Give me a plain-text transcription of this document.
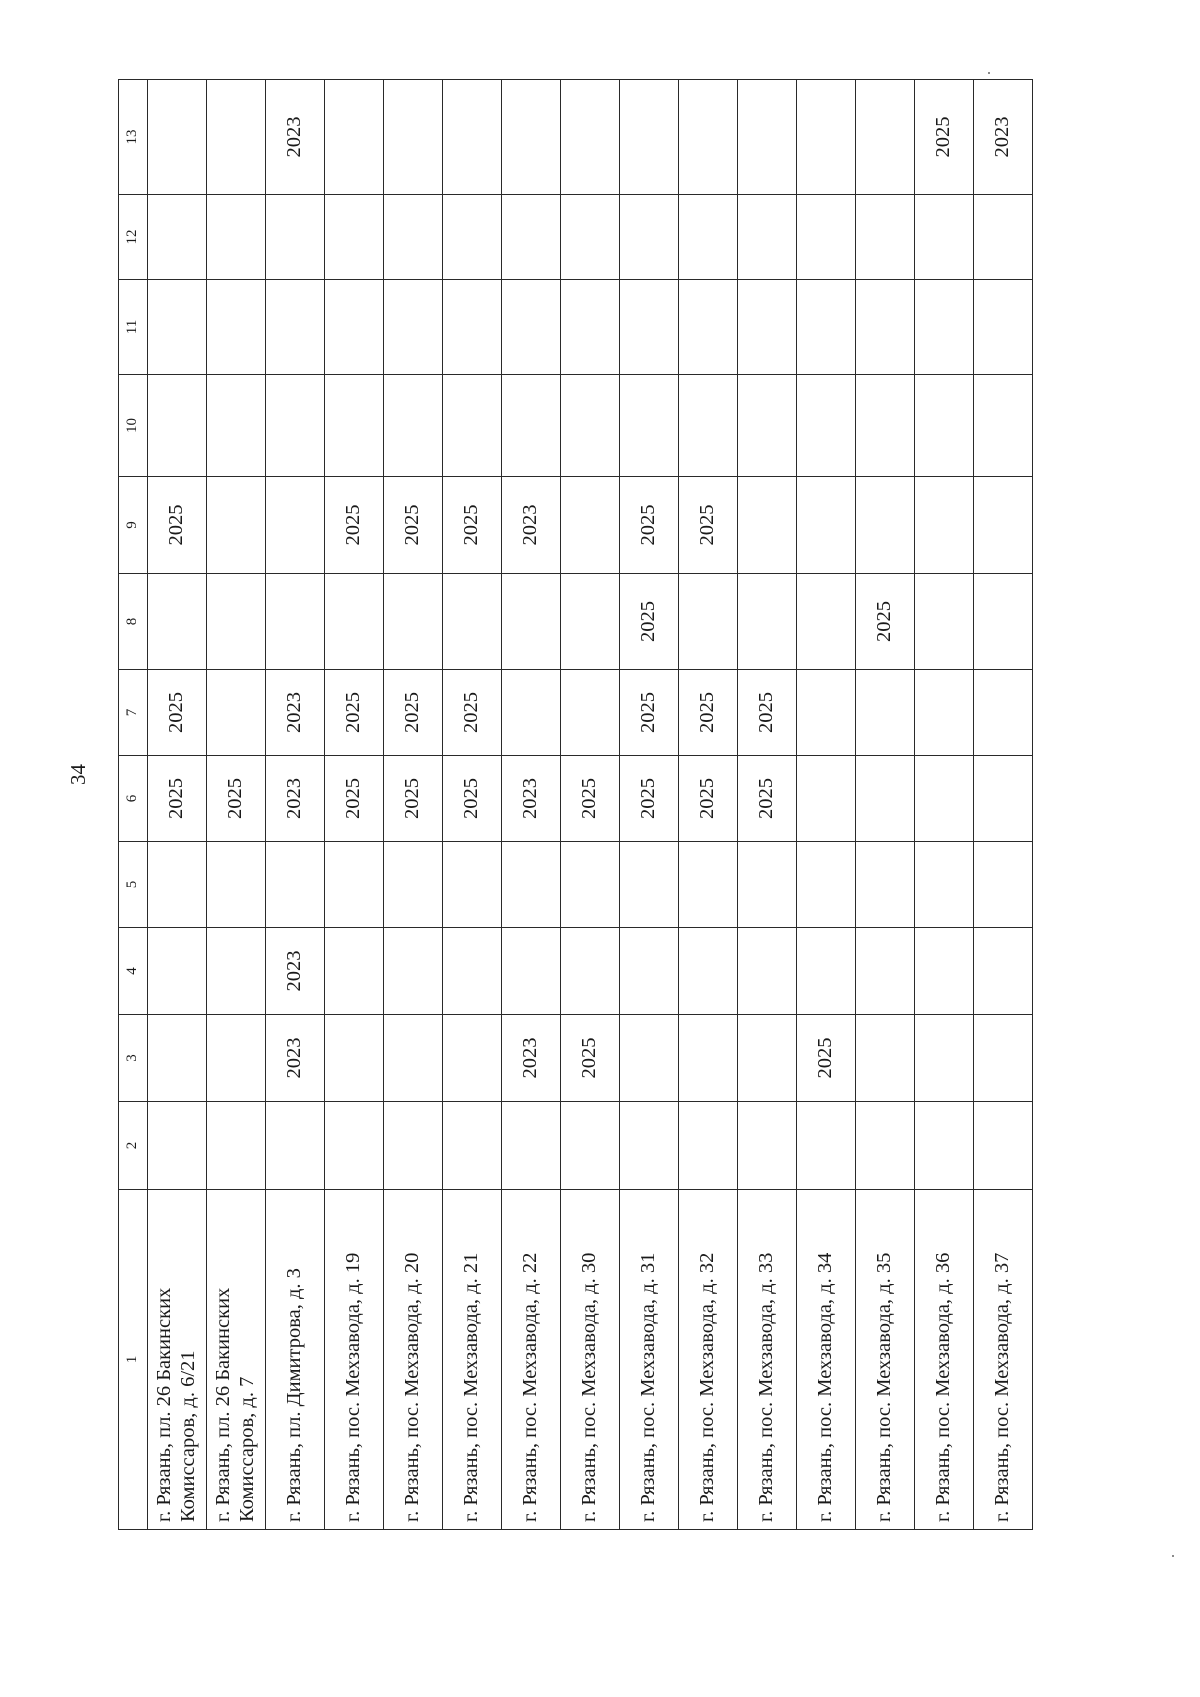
34
1	2	3	4	5	6	7	8	9	10	11	12	13
г. Рязань, пл. 26 Бакинских Комиссаров, д. 6/21					2025	2025		2025				
г. Рязань, пл. 26 Бакинских Комиссаров, д. 7					2025							
г. Рязань, пл. Димитрова, д. 3		2023	2023		2023	2023						2023
г. Рязань, пос. Мехзавода, д. 19					2025	2025		2025				
г. Рязань, пос. Мехзавода, д. 20					2025	2025		2025				
г. Рязань, пос. Мехзавода, д. 21					2025	2025		2025				
г. Рязань, пос. Мехзавода, д. 22		2023			2023			2023				
г. Рязань, пос. Мехзавода, д. 30		2025			2025							
г. Рязань, пос. Мехзавода, д. 31					2025	2025	2025	2025				
г. Рязань, пос. Мехзавода, д. 32					2025	2025		2025				
г. Рязань, пос. Мехзавода, д. 33					2025	2025						
г. Рязань, пос. Мехзавода, д. 34		2025										
г. Рязань, пос. Мехзавода, д. 35							2025					
г. Рязань, пос. Мехзавода, д. 36												2025
г. Рязань, пос. Мехзавода, д. 37												2023
